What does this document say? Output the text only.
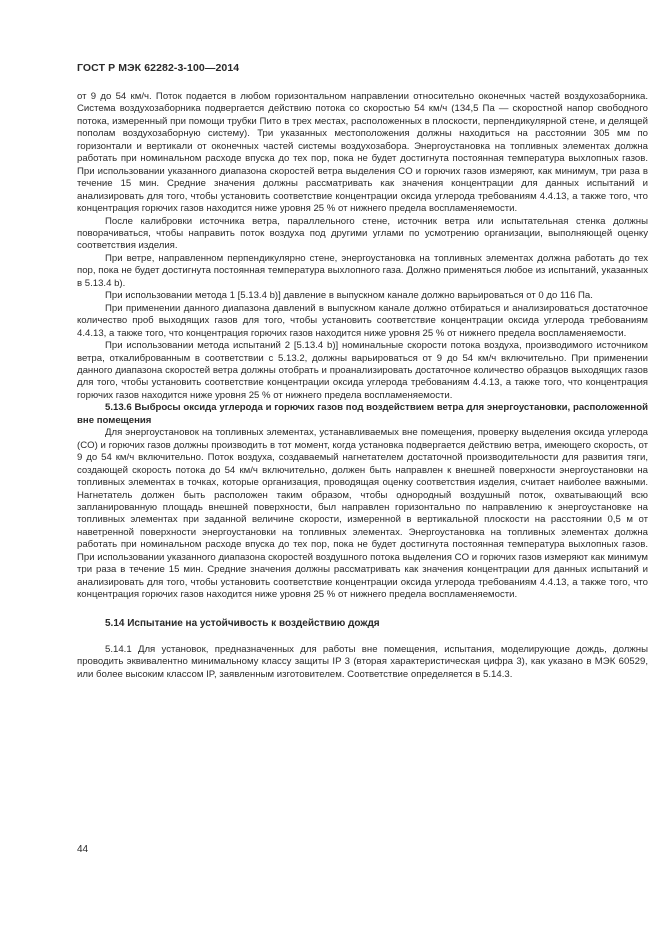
ГОСТ Р МЭК 62282-3-100—2014

от 9 до 54 км/ч. Поток подается в любом горизонтальном направлении относительно оконечных частей воздухозаборника. Система воздухозаборника подвергается действию потока со скоростью 54 км/ч (134,5 Па — скоростной напор свободного потока, измеренный при помощи трубки Пито в трех местах, расположенных в плоскости, перпендикулярной стене, и делящей пополам воздухозаборную систему). Три указанных местоположения должны находиться на расстоянии 305 мм по горизонтали и вертикали от оконечных частей системы воздухозабора. Энергоустановка на топливных элементах должна работать при номинальном расходе впуска до тех пор, пока не будет достигнута постоянная температура выхлопных газов. При использовании указанного диапазона скоростей ветра выделения CO и горючих газов измеряют, как минимум, три раза в течение 15 мин. Средние значения должны рассматривать как значения концентрации для данных испытаний и анализировать для того, чтобы установить соответствие концентрации оксида углерода требованиям 4.4.13, а также того, что концентрация горючих газов находится ниже уровня 25 % от нижнего предела воспламеняемости.

После калибровки источника ветра, параллельного стене, источник ветра или испытательная стенка должны поворачиваться, чтобы направить поток воздуха под другими углами по усмотрению организации, выполняющей оценку соответствия изделия.

При ветре, направленном перпендикулярно стене, энергоустановка на топливных элементах должна работать до тех пор, пока не будет достигнута постоянная температура выхлопного газа. Должно применяться любое из испытаний, указанных в 5.13.4 b).

При использовании метода 1 [5.13.4 b)] давление в выпускном канале должно варьироваться от 0 до 116 Па.

При применении данного диапазона давлений в выпускном канале должно отбираться и анализироваться достаточное количество проб выходящих газов для того, чтобы установить соответствие концентрации оксида углерода требованиям 4.4.13, а также того, что концентрация горючих газов находится ниже уровня 25 % от нижнего предела воспламеняемости.

При использовании метода испытаний 2 [5.13.4 b)] номинальные скорости потока воздуха, производимого источником ветра, откалиброванным в соответствии с 5.13.2, должны варьироваться от 9 до 54 км/ч включительно. При применении данного диапазона скоростей ветра должны отобрать и проанализировать достаточное количество образцов выходящих газов для того, чтобы установить соответствие концентрации оксида углерода требованиям 4.4.13, а также того, что концентрация горючих газов находится ниже уровня 25 % от нижнего предела воспламеняемости.

5.13.6 Выбросы оксида углерода и горючих газов под воздействием ветра для энергоустановки, расположенной вне помещения

Для энергоустановок на топливных элементах, устанавливаемых вне помещения, проверку выделения оксида углерода (CO) и горючих газов должны производить в тот момент, когда установка подвергается действию ветра, имеющего скорость, от 9 до 54 км/ч включительно. Поток воздуха, создаваемый нагнетателем достаточной производительности для развития тяги, создающей скорость потока до 54 км/ч включительно, должен быть направлен к внешней поверхности энергоустановки на топливных элементах в точках, которые организация, проводящая оценку соответствия изделия, считает наиболее важными. Нагнетатель должен быть расположен таким образом, чтобы однородный воздушный поток, охватывающий всю запланированную площадь внешней поверхности, был направлен горизонтально по направлению к энергоустановке на топливных элементах при заданной величине скорости, измеренной в вертикальной плоскости на расстоянии 0,5 м от наветренной поверхности энергоустановки на топливных элементах. Энергоустановка на топливных элементах должна работать при номинальном расходе впуска до тех пор, пока не будет достигнута постоянная температура выхлопных газов. При использовании указанного диапазона скоростей воздушного потока выделения CO и горючих газов измеряют как минимум три раза в течение 15 мин. Средние значения должны рассматривать как значения концентрации для данных испытаний и анализировать для того, чтобы установить соответствие концентрации оксида углерода требованиям 4.4.13, а также того, что концентрация горючих газов находится ниже уровня 25 % от нижнего предела воспламеняемости.

5.14 Испытание на устойчивость к воздействию дождя

5.14.1 Для установок, предназначенных для работы вне помещения, испытания, моделирующие дождь, должны проводить эквивалентно минимальному классу защиты IP 3 (вторая характеристическая цифра 3), как указано в МЭК 60529, или более высоким классом IP, заявленным изготовителем. Соответствие определяется в 5.14.3.

44
